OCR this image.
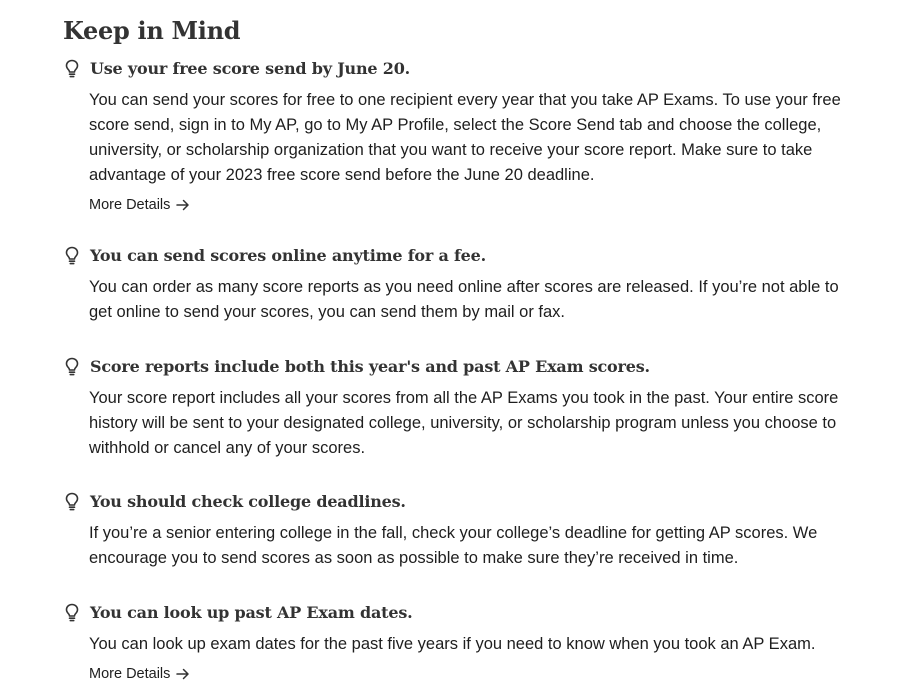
Keep in Mind
Use your free score send by June 20.

You can send your scores for free to one recipient every year that you take AP Exams. To use your free score send, sign in to My AP, go to My AP Profile, select the Score Send tab and choose the college, university, or scholarship organization that you want to receive your score report. Make sure to take advantage of your 2023 free score send before the June 20 deadline.

More Details
You can send scores online anytime for a fee.

You can order as many score reports as you need online after scores are released. If you’re not able to get online to send your scores, you can send them by mail or fax.

Score reports include both this year's and past AP Exam scores.

Your score report includes all your scores from all the AP Exams you took in the past. Your entire score history will be sent to your designated college, university, or scholarship program unless you choose to withhold or cancel any of your scores.

You should check college deadlines.

If you’re a senior entering college in the fall, check your college’s deadline for getting AP scores. We encourage you to send scores as soon as possible to make sure they’re received in time.

You can look up past AP Exam dates.

You can look up exam dates for the past five years if you need to know when you took an AP Exam.

More Details
